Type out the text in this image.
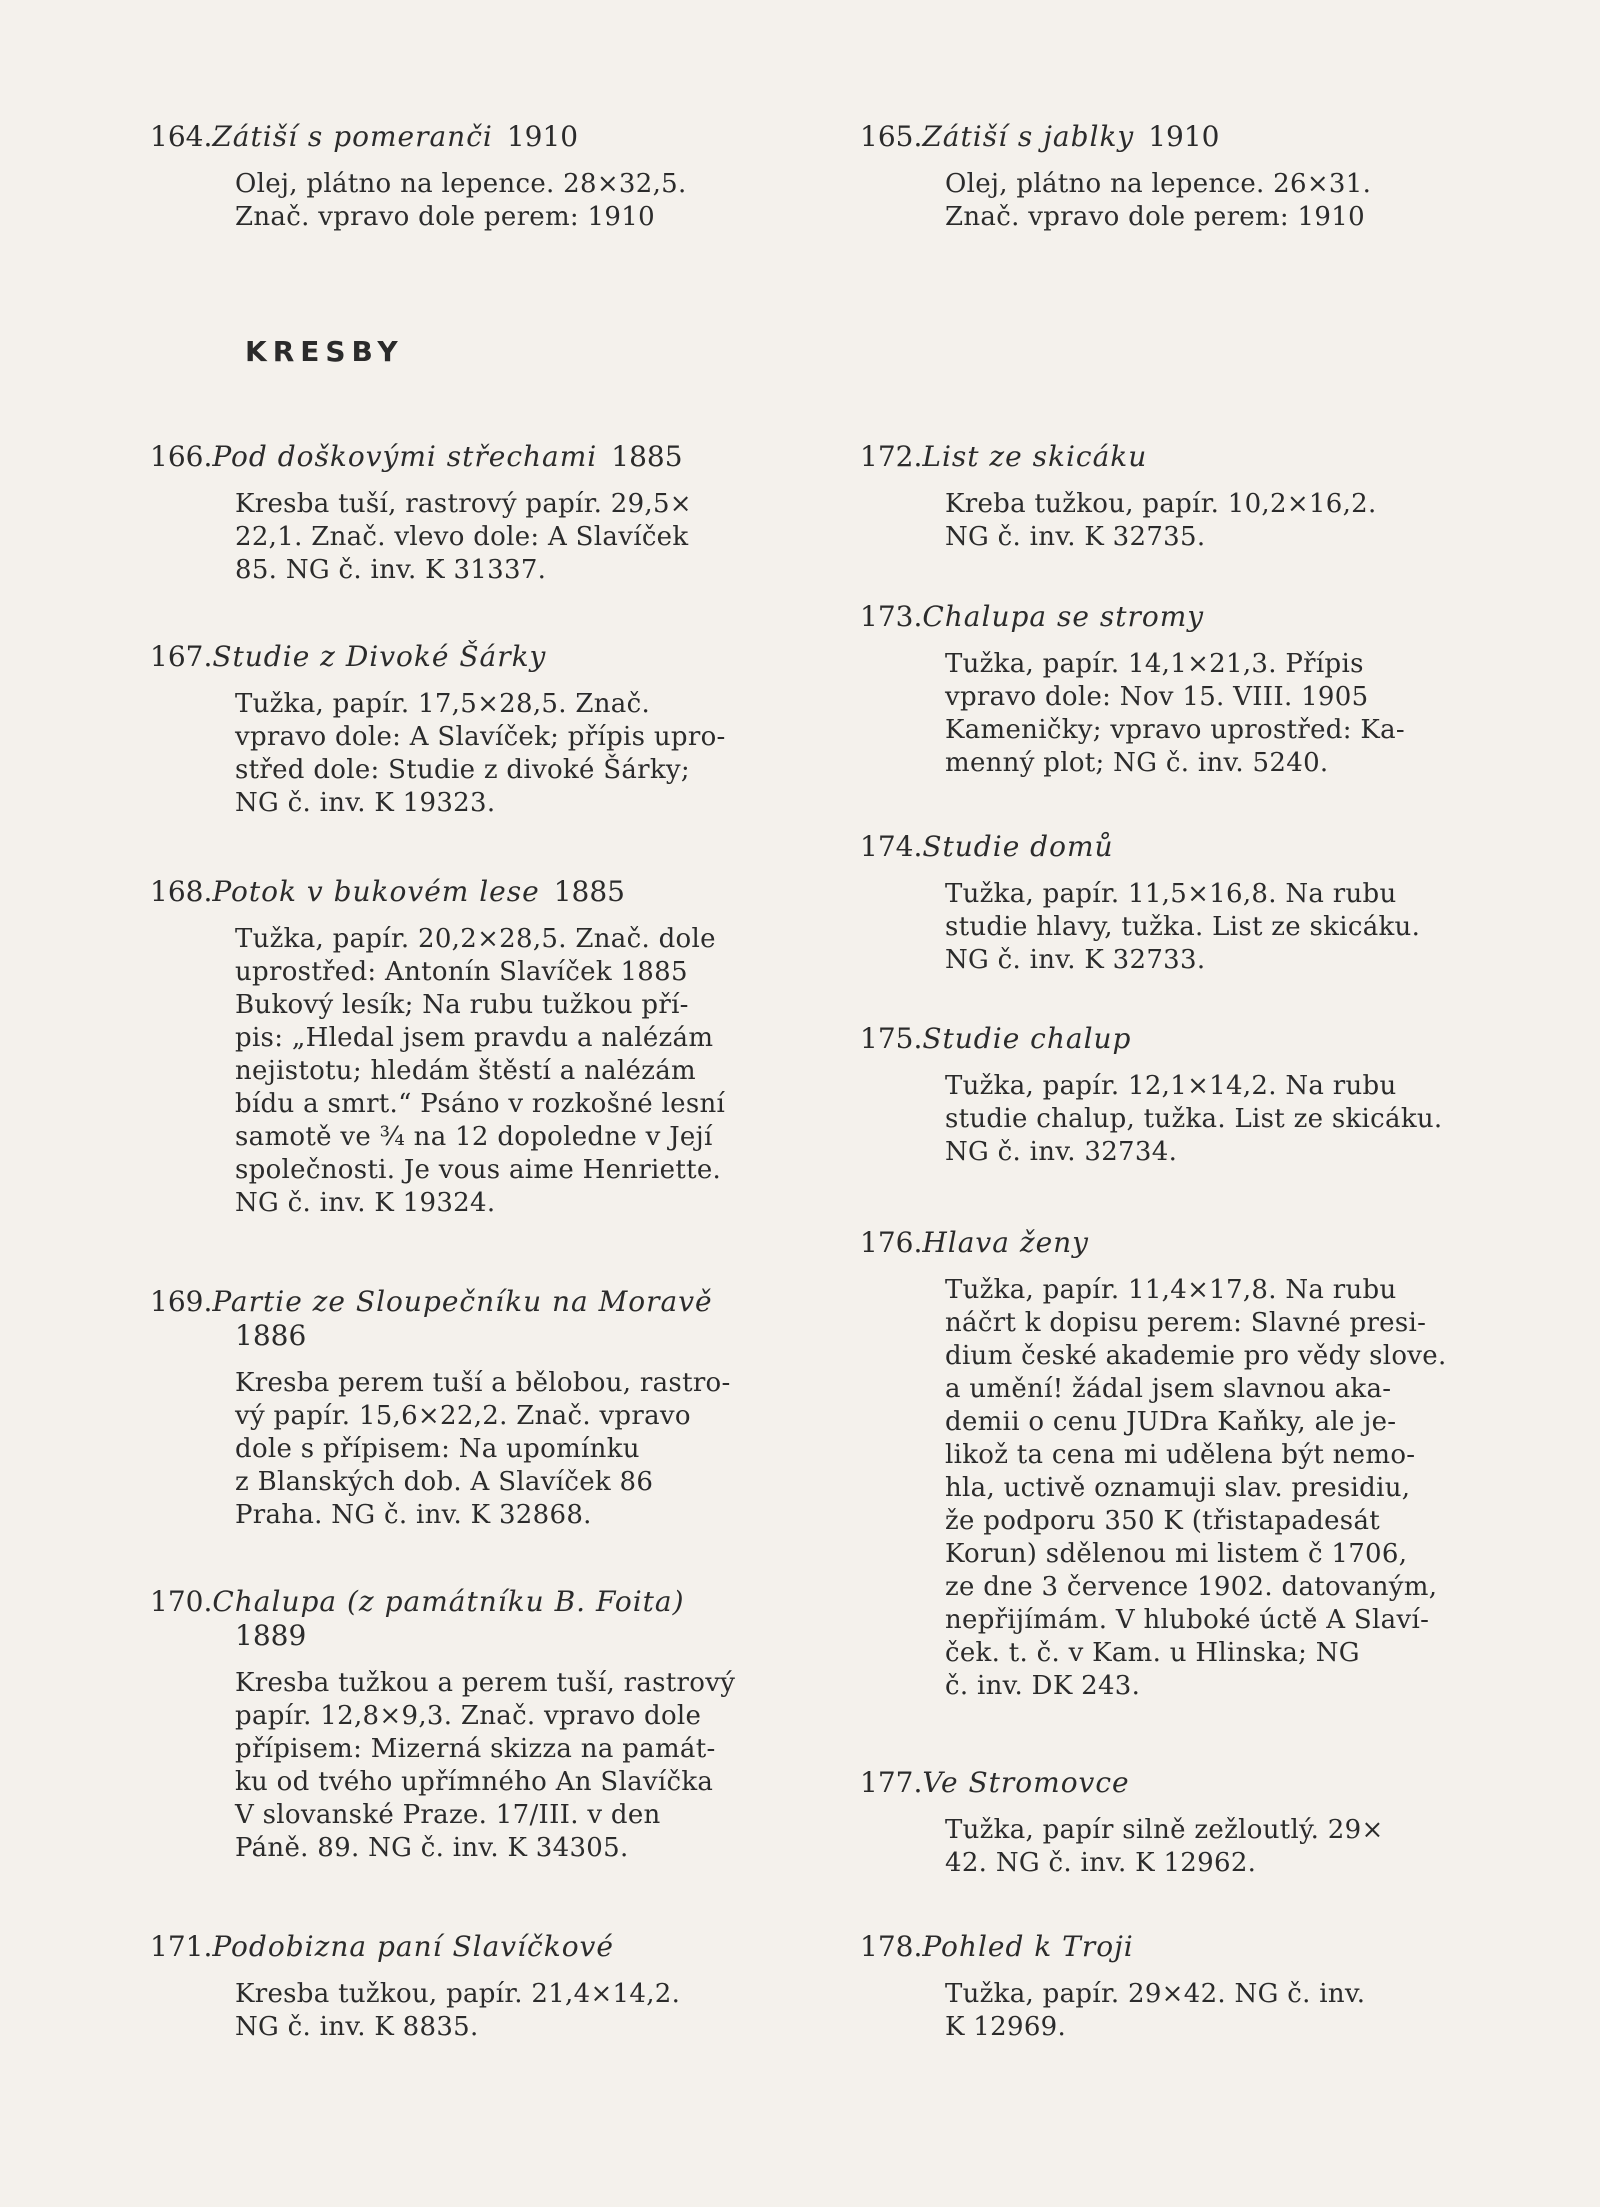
164.Zátiší s pomeranči 1910
Olej, plátno na lepence. 28×32,5.
Znač. vpravo dole perem: 1910
166.Pod doškovými střechami 1885
Kresba tuší, rastrový papír. 29,5×
22,1. Znač. vlevo dole: A Slavíček
85. NG č. inv. K 31337.
167.Studie z Divoké Šárky
Tužka, papír. 17,5×28,5. Znač.
vpravo dole: A Slavíček; přípis upro-
střed dole: Studie z divoké Šárky;
NG č. inv. K 19323.
168.Potok v bukovém lese 1885
Tužka, papír. 20,2×28,5. Znač. dole
uprostřed: Antonín Slavíček 1885
Bukový lesík; Na rubu tužkou pří-
pis: „Hledal jsem pravdu a nalézám
nejistotu; hledám štěstí a nalézám
bídu a smrt.“ Psáno v rozkošné lesní
samotě ve ¾ na 12 dopoledne v Její
společnosti. Je vous aime Henriette.
NG č. inv. K 19324.
169.Partie ze Sloupečníku na Moravě
1886
Kresba perem tuší a bělobou, rastro-
vý papír. 15,6×22,2. Znač. vpravo
dole s přípisem: Na upomínku
z Blanských dob. A Slavíček 86
Praha. NG č. inv. K 32868.
170.Chalupa (z památníku B. Foita)
1889
Kresba tužkou a perem tuší, rastrový
papír. 12,8×9,3. Znač. vpravo dole
přípisem: Mizerná skizza na památ-
ku od tvého upřímného An Slavíčka
V slovanské Praze. 17/III. v den
Páně. 89. NG č. inv. K 34305.
171.Podobizna paní Slavíčkové
Kresba tužkou, papír. 21,4×14,2.
NG č. inv. K 8835.
KRESBY
165.Zátiší s jablky 1910
Olej, plátno na lepence. 26×31.
Znač. vpravo dole perem: 1910
172.List ze skicáku
Kreba tužkou, papír. 10,2×16,2.
NG č. inv. K 32735.
173.Chalupa se stromy
Tužka, papír. 14,1×21,3. Přípis
vpravo dole: Nov 15. VIII. 1905
Kameničky; vpravo uprostřed: Ka-
menný plot; NG č. inv. 5240.
174.Studie domů
Tužka, papír. 11,5×16,8. Na rubu
studie hlavy, tužka. List ze skicáku.
NG č. inv. K 32733.
175.Studie chalup
Tužka, papír. 12,1×14,2. Na rubu
studie chalup, tužka. List ze skicáku.
NG č. inv. 32734.
176.Hlava ženy
Tužka, papír. 11,4×17,8. Na rubu
náčrt k dopisu perem: Slavné presi-
dium české akademie pro vědy slove.
a umění! žádal jsem slavnou aka-
demii o cenu JUDra Kaňky, ale je-
likož ta cena mi udělena být nemo-
hla, uctivě oznamuji slav. presidiu,
že podporu 350 K (třistapadesát
Korun) sdělenou mi listem č 1706,
ze dne 3 července 1902. datovaným,
nepřijímám. V hluboké úctě A Slaví-
ček. t. č. v Kam. u Hlinska; NG
č. inv. DK 243.
177.Ve Stromovce
Tužka, papír silně zežloutlý. 29×
42. NG č. inv. K 12962.
178.Pohled k Troji
Tužka, papír. 29×42. NG č. inv.
K 12969.
